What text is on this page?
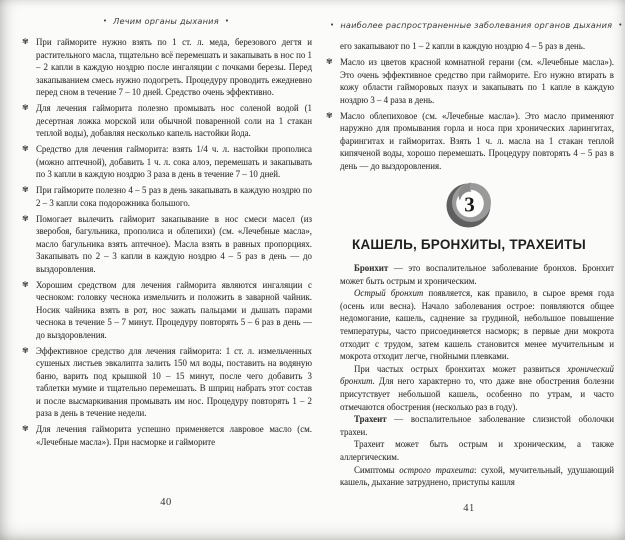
• Лечим органы дыхания •
✾ При гайморите нужно взять по 1 ст. л. меда, березового дегтя и растительного масла, тщательно всё перемешать и закапывать в нос по 1 – 2 капли в каждую ноздрю после ингаляции с почками березы. Перед закапыванием смесь нужно подогреть. Процедуру проводить ежедневно перед сном в течение 7 – 10 дней. Средство очень эффективно.
✾ Для лечения гайморита полезно промывать нос соленой водой (1 десертная ложка морской или обычной поваренной соли на 1 стакан теплой воды), добавляя несколько капель настойки йода.
✾ Средство для лечения гайморита: взять 1/4 ч. л. настойки прополиса (можно аптечной), добавить 1 ч. л. сока алоэ, перемешать и закапывать по 3 капли в каждую ноздрю 3 раза в день в течение 7 – 10 дней.
✾ При гайморите полезно 4 – 5 раз в день закапывать в каждую ноздрю по 2 – 3 капли сока подорожника большого.
✾ Помогает вылечить гайморит закапывание в нос смеси масел (из зверобоя, багульника, прополиса и облепихи) (см. «Лечебные масла», масло багульника взять аптечное). Масла взять в равных пропорциях. Закапывать по 2 – 3 капли в каждую ноздрю 4 – 5 раз в день — до выздоровления.
✾ Хорошим средством для лечения гайморита являются ингаляции с чесноком: головку чеснока измельчить и положить в заварной чайник. Носик чайника взять в рот, нос зажать пальцами и дышать парами чеснока в течение 5 – 7 минут. Процедуру повторять 5 – 6 раз в день — до выздоровления.
✾ Эффективное средство для лечения гайморита: 1 ст. л. измельченных сушеных листьев эвкалипта залить 150 мл воды, поставить на водяную баню, варить под крышкой 10 – 15 минут, после чего добавить 3 таблетки мумие и тщательно перемешать. В шприц набрать этот состав и после высмаркивания промывать им нос. Процедуру повторять 1 – 2 раза в день в течение недели.
✾ Для лечения гайморита успешно применяется лавровое масло (см. «Лечебные масла»). При насморке и гайморите
• наиболее распространенные заболевания органов дыхания •

его закапывают по 1 – 2 капли в каждую ноздрю 4 – 5 раз в день.

✾ Масло из цветов красной комнатной герани (см. «Лечебные масла»). Это очень эффективное средство при гайморите. Его нужно втирать в кожу области гайморовых пазух и закапывать по 1 капле в каждую ноздрю 3 – 4 раза в день.
✾ Масло облепиховое (см. «Лечебные масла»). Это масло применяют наружно для промывания горла и носа при хронических ларингитах, фарингитах и гайморитах. Взять 1 ч. л. масла на 1 стакан теплой кипяченой воды, хорошо перемешать. Процедуру повторять 4 – 5 раз в день — до выздоровления.
3
КАШЕЛЬ, БРОНХИТЫ, ТРАХЕИТЫ

Бронхит — это воспалительное заболевание бронхов. Бронхит может быть острым и хроническим.

Острый бронхит появляется, как правило, в сырое время года (осень или весна). Начало заболевания острое: появляются общее недомогание, кашель, саднение за грудиной, небольшое повышение температуры, часто присоединяется насморк; в первые дни мокрота отходит с трудом, затем кашель становится менее мучительным и мокрота отходит легче, гнойными плевками.

При частых острых бронхитах может развиться хронический бронхит. Для него характерно то, что даже вне обострения болезни присутствует небольшой кашель, особенно по утрам, и часто отмечаются обострения (несколько раз в году).

Трахеит — воспалительное заболевание слизистой оболочки трахеи.

Трахеит может быть острым и хроническим, а также аллергическим.

Симптомы острого трахеита: сухой, мучительный, удушающий кашель, дыхание затруднено, приступы кашля

40
41
